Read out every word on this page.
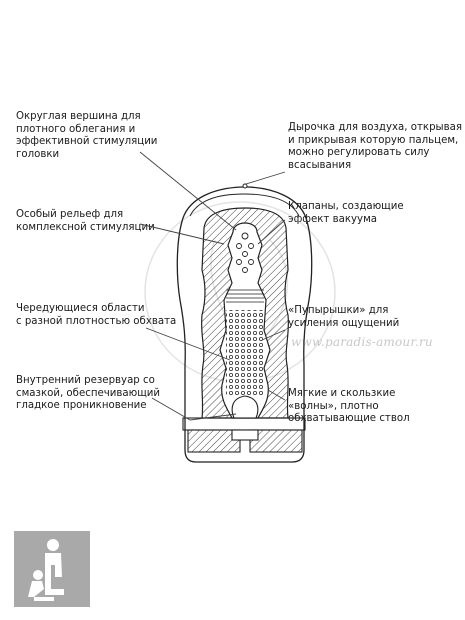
Округлая вершина для
плотного облегания и
эффективной стимуляции
головки
Особый рельеф для
комплексной стимуляции
Чередующиеся области
с разной плотностью обхвата
Внутренний резервуар со
смазкой, обеспечивающий
гладкое проникновение
Дырочка для воздуха, открывая
и прикрывая которую пальцем,
можно регулировать силу
всасывания
Клапаны, создающие
эффект вакуума
«Пупырышки» для
усиления ощущений
Мягкие и скользкие
«волны», плотно
обхватывающие ствол
www.paradis-amour.ru
